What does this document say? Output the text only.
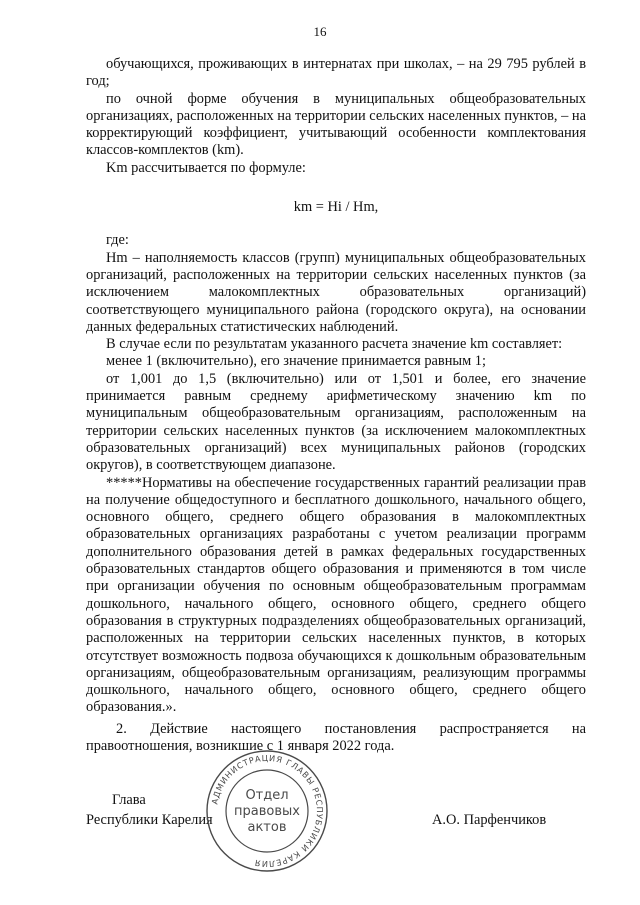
16

обучающихся, проживающих в интернатах при школах, – на 29 795 рублей в год;

по очной форме обучения в муниципальных общеобразовательных организациях, расположенных на территории сельских населенных пунктов, – на корректирующий коэффициент, учитывающий особенности комплектования классов-комплектов (km).

Km рассчитывается по формуле:

km = Hi / Hm,

где:

Hm – наполняемость классов (групп) муниципальных общеобразовательных организаций, расположенных на территории сельских населенных пунктов (за исключением малокомплектных образовательных организаций) соответствующего муниципального района (городского округа), на основании данных федеральных статистических наблюдений.

В случае если по результатам указанного расчета значение km составляет:

менее 1 (включительно), его значение принимается равным 1;

от 1,001 до 1,5 (включительно) или от 1,501 и более, его значение принимается равным среднему арифметическому значению km по муниципальным общеобразовательным организациям, расположенным на территории сельских населенных пунктов (за исключением малокомплектных образовательных организаций) всех муниципальных районов (городских округов), в соответствующем диапазоне.

*****Нормативы на обеспечение государственных гарантий реализации прав на получение общедоступного и бесплатного дошкольного, начального общего, основного общего, среднего общего образования в малокомплектных образовательных организациях разработаны с учетом реализации программ дополнительного образования детей в рамках федеральных государственных образовательных стандартов общего образования и применяются в том числе при организации обучения по основным общеобразовательным программам дошкольного, начального общего, основного общего, среднего общего образования в структурных подразделениях общеобразовательных организаций, расположенных на территории сельских населенных пунктов, в которых отсутствует возможность подвоза обучающихся к дошкольным образовательным организациям, общеобразовательным организациям, реализующим программы дошкольного, начального общего, основного общего, среднего общего образования.».

2. Действие настоящего постановления распространяется на правоотношения, возникшие с 1 января 2022 года.

Глава
Республики Карелия	А.О. Парфенчиков
АДМИНИСТРАЦИЯ ГЛАВЫ РЕСПУБЛИКИ КАРЕЛИЯ
Отдел
правовых
актов
